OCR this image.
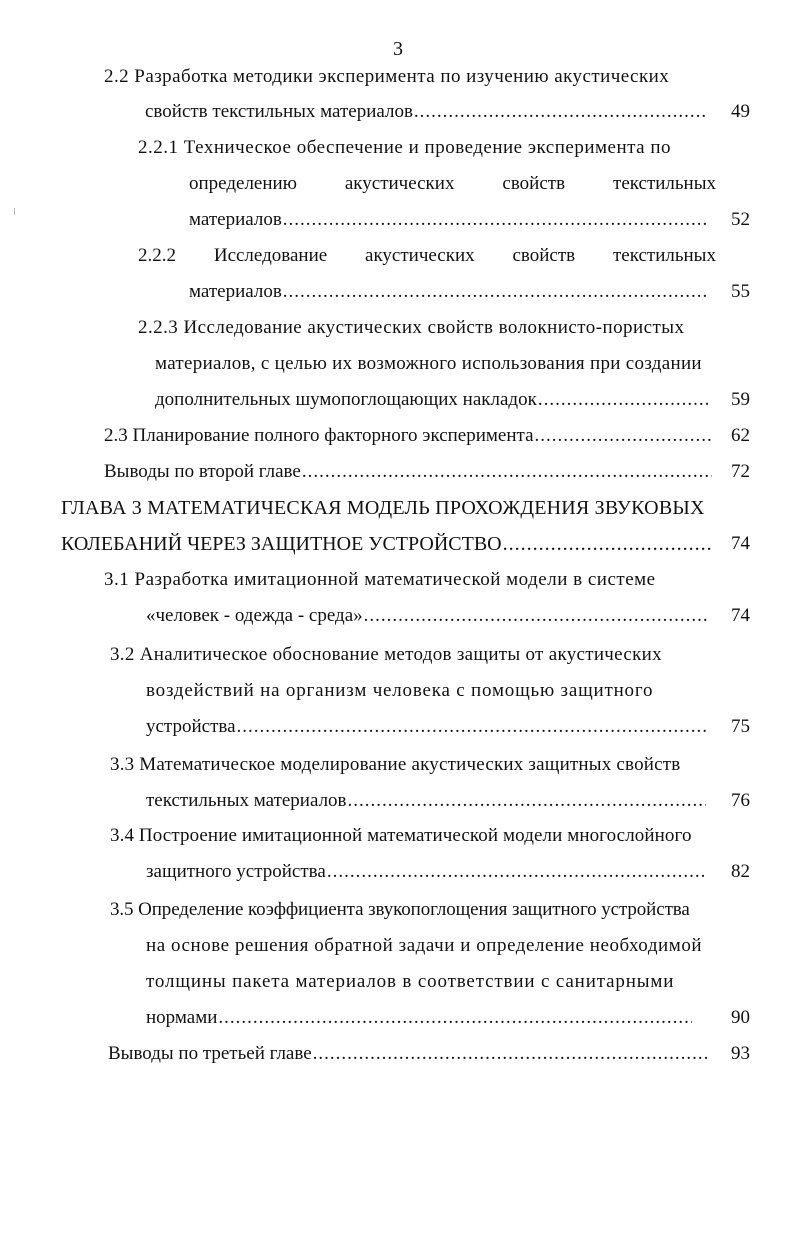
3
2.2 Разработка методики эксперимента по изучению акустических
свойств текстильных материалов .....	49
2.2.1 Техническое обеспечение и проведение эксперимента по
определению	акустических	свойств	текстильных
материалов .....	52
2.2.2 Исследование акустических свойств текстильных
материалов .....	55
2.2.3 Исследование акустических свойств волокнисто-пористых
материалов, с целью их возможного использования при создании
дополнительных шумопоглощающих накладок .....	59
2.3 Планирование полного факторного эксперимента .....	62
Выводы по второй главе .....	72
ГЛАВА 3 МАТЕМАТИЧЕСКАЯ МОДЕЛЬ ПРОХОЖДЕНИЯ ЗВУКОВЫХ
КОЛЕБАНИЙ ЧЕРЕЗ ЗАЩИТНОЕ УСТРОЙСТВО .....	74
3.1 Разработка имитационной математической модели в системе
«человек - одежда - среда» .....	74
3.2 Аналитическое обоснование методов защиты от акустических
воздействий на организм человека с помощью защитного
устройства .....	75
3.3 Математическое моделирование акустических защитных свойств
текстильных материалов .....	76
3.4 Построение имитационной математической модели многослойного
защитного устройства .....	82
3.5 Определение коэффициента звукопоглощения защитного устройства
на основе решения обратной задачи и определение необходимой
толщины пакета материалов в соответствии с санитарными
нормами .....	90
Выводы по третьей главе .....	93
